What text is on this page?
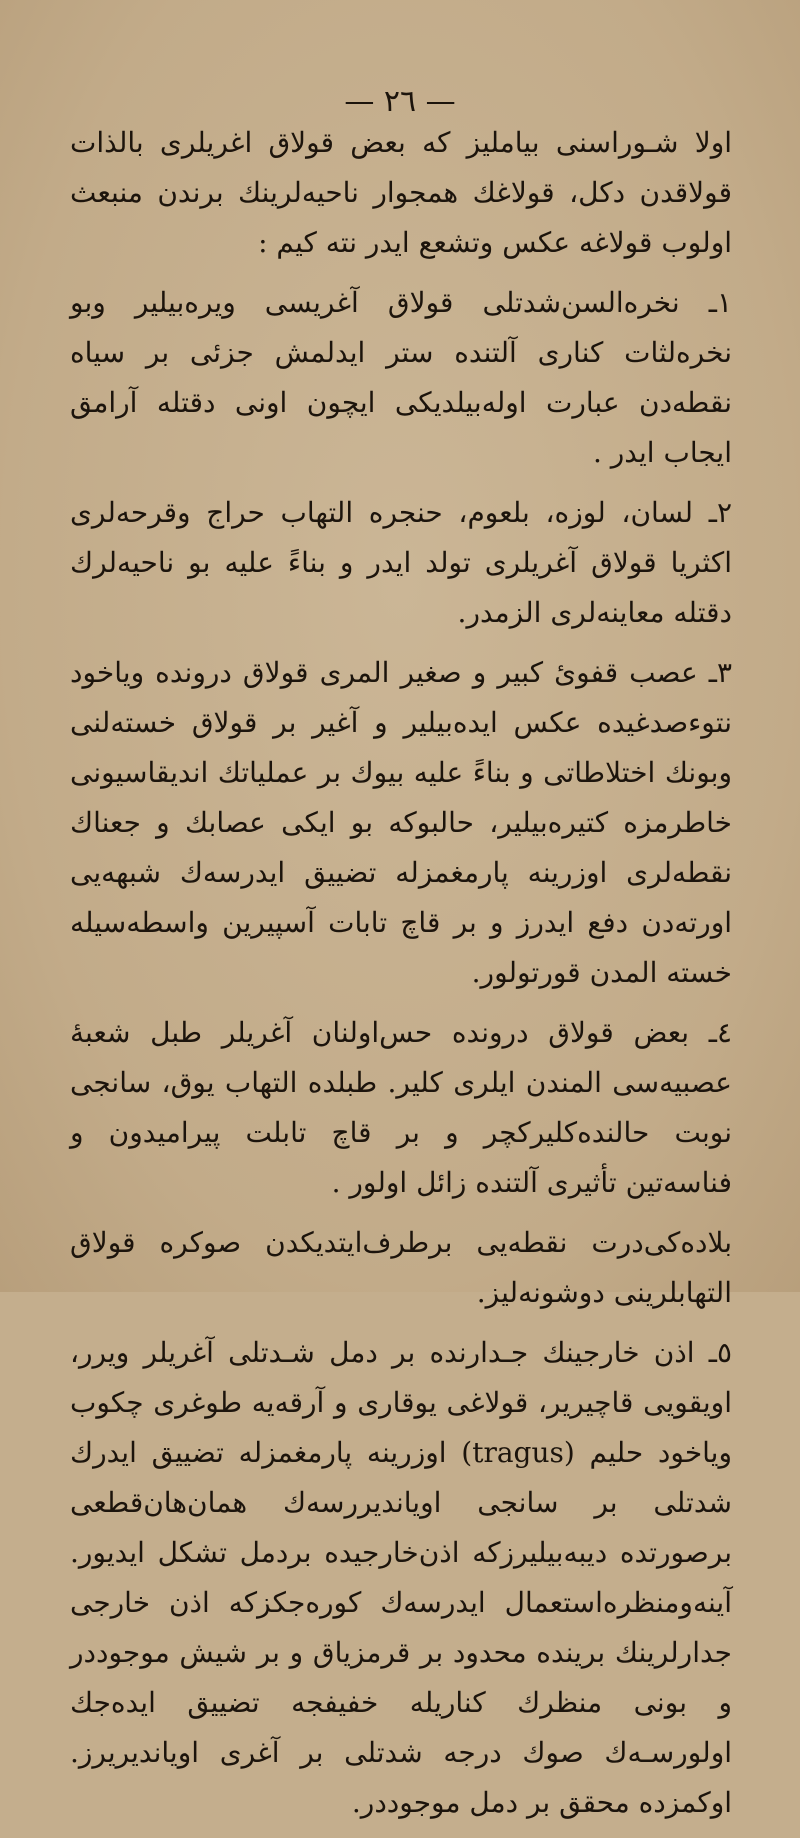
— ٢٦ —

اولا شـوراسنی بیاملیز که بعض قولاق اغریلری بالذات قولاقدن دکل، قولاغك همجوار ناحیه‌لرینك برندن منبعث اولوب قولاغه عکس وتشعع ایدر نته کیم :

١ـ نخره‌السن‌شدتلی قولاق آغریسی ویره‌بیلیر وبو نخره‌لثات کناری آلتنده ستر ایدلمش جزئی بر سیاه نقطه‌دن عبارت اوله‌بیلدیکی ایچون اونی دقتله آرامق ایجاب ایدر .

٢ـ لسان، لوزه، بلعوم، حنجره التهاب حراج وقرحه‌لری اکثریا قولاق آغریلری تولد ایدر و بناءً علیه بو ناحیه‌لرك دقتله معاینه‌لری الزمدر.

٣ـ عصب قفویٔ کبیر و صغیر المری قولاق درونده ویاخود نتوءصدغیده عکس ایده‌بیلیر و آغیر بر قولاق خسته‌لنی وبونك اختلاطاتی و بناءً علیه بیوك بر عملیاتك اندیقاسیونی خاطرمزه کتیره‌بیلیر، حالبوکه بو ایکی عصابك و جعناك نقطه‌لری اوزرینه پارمغمزله تضییق ایدرسه‌ك شبهه‌یی اورته‌دن دفع ایدرز و بر قاچ تابات آسپیرین واسطه‌سیله خسته المدن قورتولور.

٤ـ بعض قولاق درونده حس‌اولنان آغریلر طبل شعبهٔ عصبیه‌سی المندن ایلری کلیر. طبلده التهاب یوق، سانجی نوبت حالنده‌کلیرکچر و بر قاچ تابلت پیرامیدون و فناسه‌تین تأثیری آلتنده زائل اولور .

بلاده‌کی‌درت نقطه‌یی برطرف‌ایتدیکدن صوکره قولاق التهابلرینی دوشونه‌لیز.

٥ـ اذن خارجینك جـدارنده بر دمل شـدتلی آغریلر ویرر، اویقویی قاچیریر، قولاغی یوقاری و آرقه‌یه طوغری چکوب ویاخود حلیم (tragus) اوزرینه پارمغمزله تضییق ایدرك شدتلی بر سانجی اویاندیررسه‌ك همان‌هان‌قطعی برصورتده دیبه‌بیلیرزکه اذن‌خارجیده بردمل تشکل ایدیور. آینه‌ومنظره‌استعمال ایدرسه‌ك کوره‌جکزکه اذن خارجی جدارلرینك برینده محدود بر قرمزیاق و بر شیش موجوددر و بونی منظرك کناریله خفیفجه تضییق ایده‌جك اولورسـه‌ك صوك درجه شدتلی بر آغری اویاندیریرز. اوکمزده محقق بر دمل موجوددر.
